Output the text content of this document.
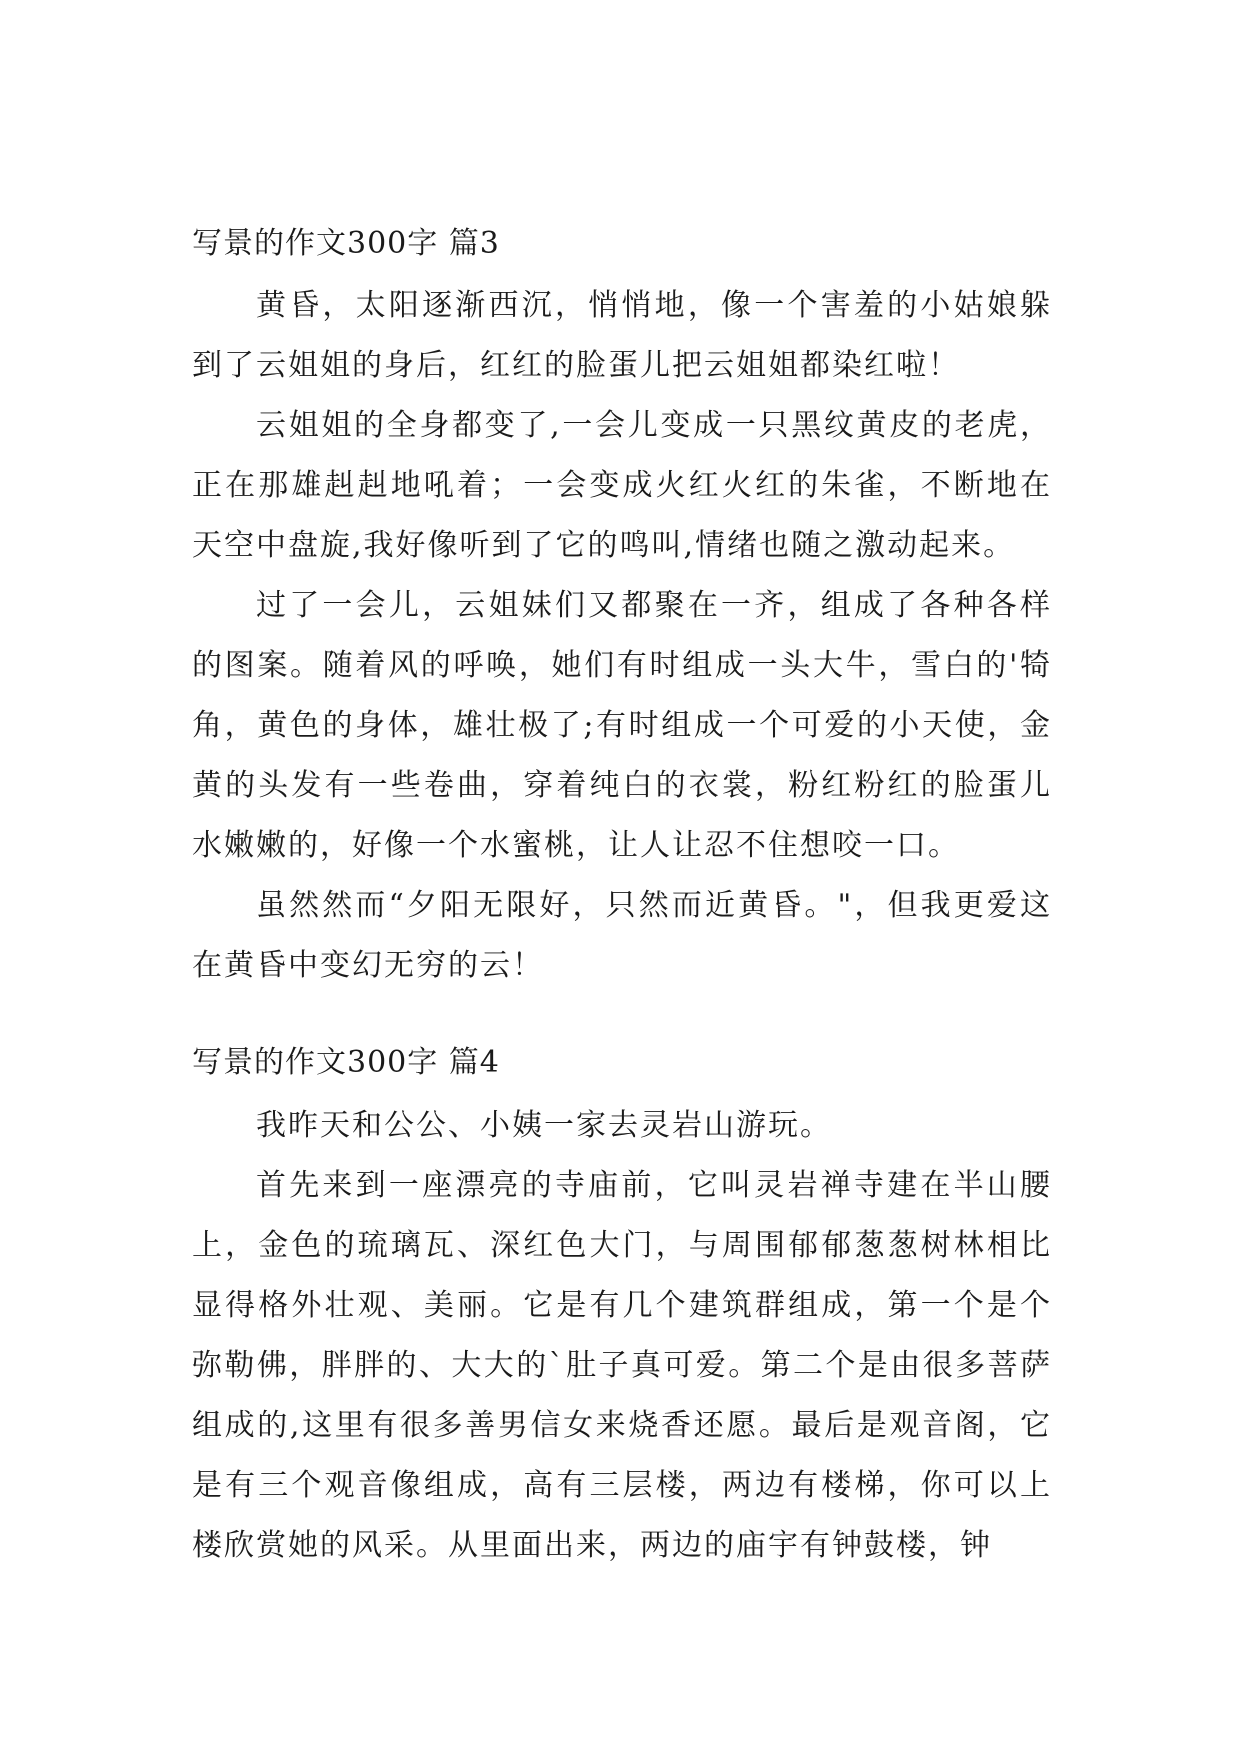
写景的作文300字 篇3

黄昏，太阳逐渐西沉，悄悄地，像一个害羞的小姑娘躲到了云姐姐的身后，红红的脸蛋儿把云姐姐都染红啦！

云姐姐的全身都变了,一会儿变成一只黑纹黄皮的老虎，正在那雄赳赳地吼着；一会变成火红火红的朱雀，不断地在天空中盘旋,我好像听到了它的鸣叫,情绪也随之激动起来。

过了一会儿，云姐妹们又都聚在一齐，组成了各种各样的图案。随着风的呼唤，她们有时组成一头大牛，雪白的'犄角，黄色的身体，雄壮极了;有时组成一个可爱的小天使，金黄的头发有一些卷曲，穿着纯白的衣裳，粉红粉红的脸蛋儿水嫩嫩的，好像一个水蜜桃，让人让忍不住想咬一口。

虽然然而“夕阳无限好，只然而近黄昏。"，但我更爱这在黄昏中变幻无穷的云！

写景的作文300字 篇4

我昨天和公公、小姨一家去灵岩山游玩。

首先来到一座漂亮的寺庙前，它叫灵岩禅寺建在半山腰上，金色的琉璃瓦、深红色大门，与周围郁郁葱葱树林相比显得格外壮观、美丽。它是有几个建筑群组成，第一个是个弥勒佛，胖胖的、大大的`肚子真可爱。第二个是由很多菩萨组成的,这里有很多善男信女来烧香还愿。最后是观音阁，它是有三个观音像组成，高有三层楼，两边有楼梯，你可以上楼欣赏她的风采。从里面出来，两边的庙宇有钟鼓楼，钟
